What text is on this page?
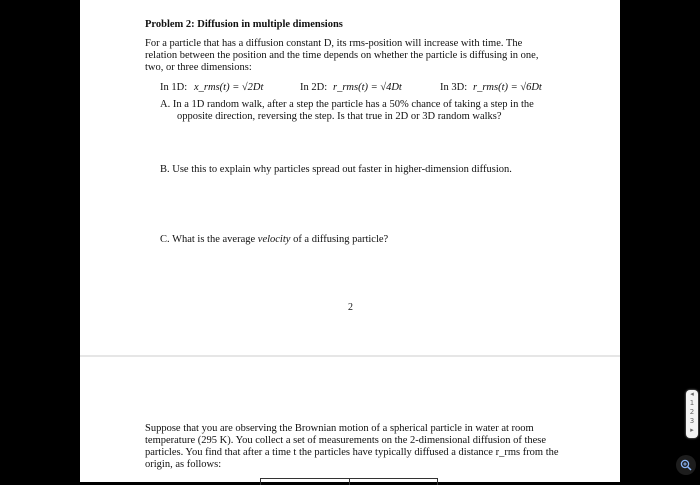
Problem 2: Diffusion in multiple dimensions
For a particle that has a diffusion constant D, its rms-position will increase with time. The
relation between the position and the time depends on whether the particle is diffusing in one,
two, or three dimensions:
In 1D: x_rms(t) = √2Dt	In 2D: r_rms(t) = √4Dt	In 3D: r_rms(t) = √6Dt
A. In a 1D random walk, after a step the particle has a 50% chance of taking a step in the
opposite direction, reversing the step. Is that true in 2D or 3D random walks?
B. Use this to explain why particles spread out faster in higher-dimension diffusion.
C. What is the average velocity of a diffusing particle?
2
Suppose that you are observing the Brownian motion of a spherical particle in water at room
temperature (295 K). You collect a set of measurements on the 2-dimensional diffusion of these
particles. You find that after a time t the particles have typically diffused a distance r_rms from the
origin, as follows:
◂
1
2
3
▸
